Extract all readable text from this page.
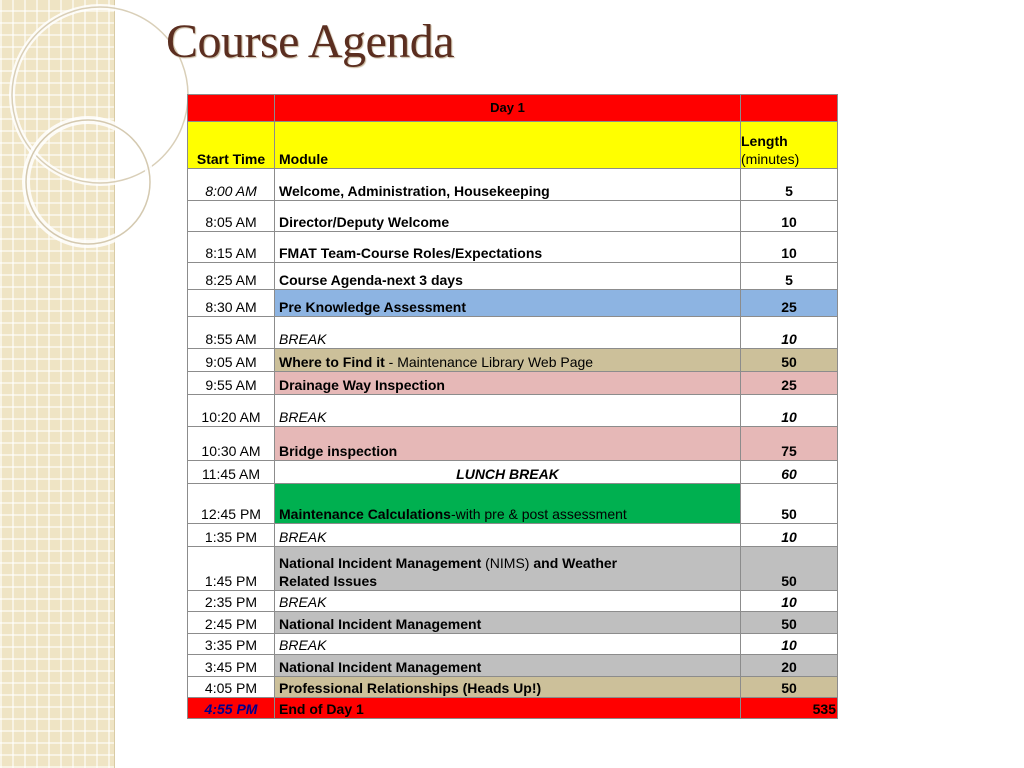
Course Agenda
	Day 1	
Start Time	Module	Length
(minutes)
8:00 AM	Welcome, Administration, Housekeeping	5
8:05 AM	Director/Deputy Welcome	10
8:15 AM	FMAT Team-Course Roles/Expectations	10
8:25 AM	Course Agenda-next 3 days	5
8:30 AM	Pre Knowledge Assessment	25
8:55 AM	BREAK	10
9:05 AM	Where to Find it - Maintenance Library Web Page	50
9:55 AM	Drainage Way Inspection	25
10:20 AM	BREAK	10
10:30 AM	Bridge inspection	75
11:45 AM	LUNCH BREAK	60
12:45 PM	Maintenance Calculations-with pre & post assessment	50
1:35 PM	BREAK	10
1:45 PM	National Incident Management (NIMS) and Weather
Related Issues	50
2:35 PM	BREAK	10
2:45 PM	National Incident Management	50
3:35 PM	BREAK	10
3:45 PM	National Incident Management	20
4:05 PM	Professional Relationships (Heads Up!)	50
4:55 PM	End of Day 1	535
